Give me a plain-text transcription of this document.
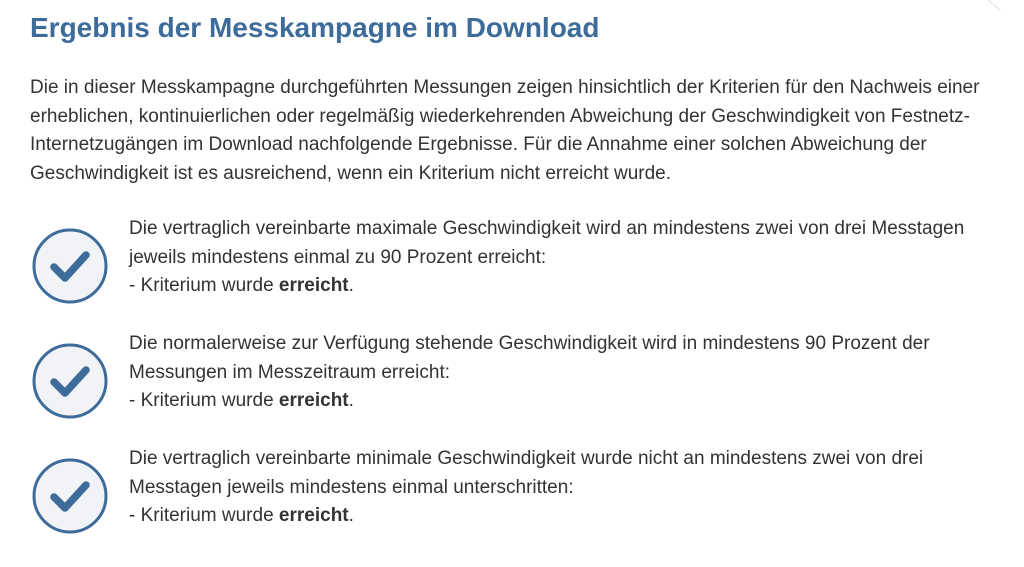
Ergebnis der Messkampagne im Download

Die in dieser Messkampagne durchgeführten Messungen zeigen hinsichtlich der Kriterien für den Nachweis einer erheblichen, kontinuierlichen oder regelmäßig wiederkehrenden Abweichung der Geschwindigkeit von Festnetz-Internetzugängen im Download nachfolgende Ergebnisse. Für die Annahme einer solchen Abweichung der Geschwindigkeit ist es ausreichend, wenn ein Kriterium nicht erreicht wurde.

Die vertraglich vereinbarte maximale Geschwindigkeit wird an mindestens zwei von drei Messtagen jeweils mindestens einmal zu 90 Prozent erreicht:

- Kriterium wurde erreicht.

Die normalerweise zur Verfügung stehende Geschwindigkeit wird in mindestens 90 Prozent der Messungen im Messzeitraum erreicht:

- Kriterium wurde erreicht.

Die vertraglich vereinbarte minimale Geschwindigkeit wurde nicht an mindestens zwei von drei Messtagen jeweils mindestens einmal unterschritten:

- Kriterium wurde erreicht.
